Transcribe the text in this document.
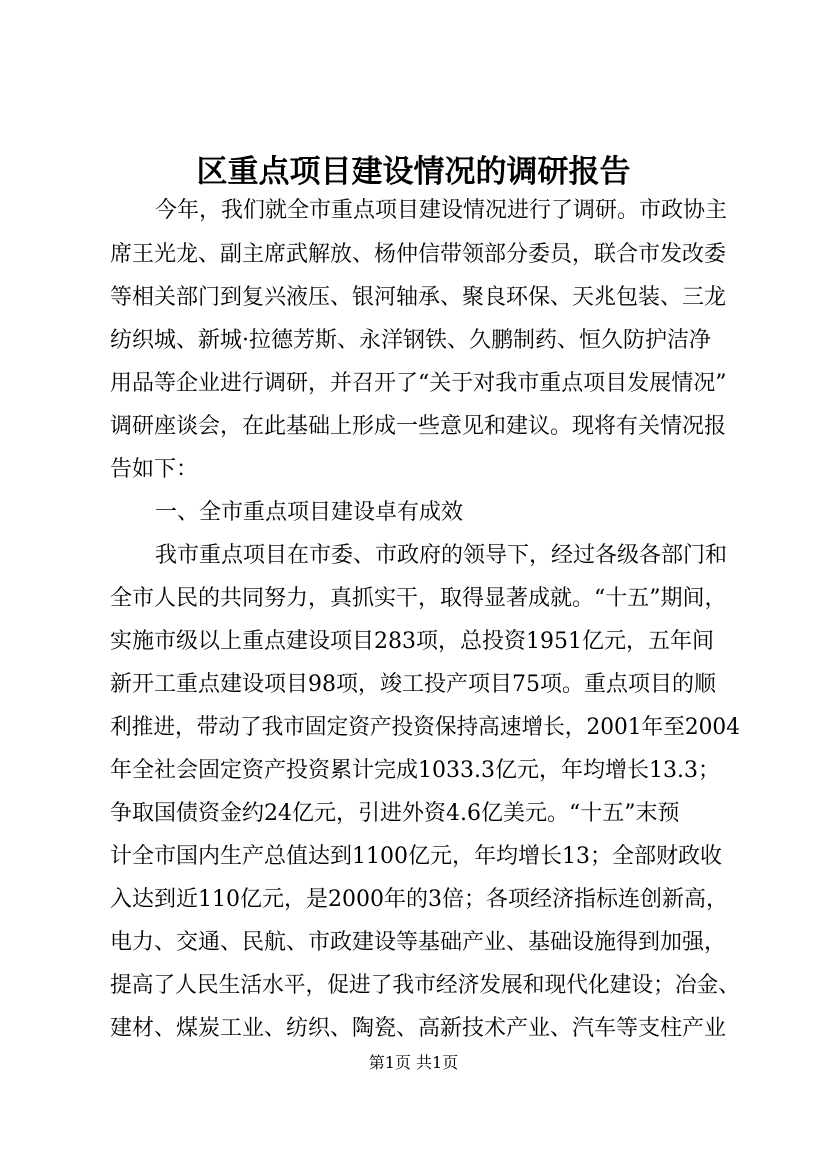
区重点项目建设情况的调研报告

今年，我们就全市重点项目建设情况进行了调研。市政协主

席王光龙、副主席武解放、杨仲信带领部分委员，联合市发改委

等相关部门到复兴液压、银河轴承、聚良环保、天兆包装、三龙

纺织城、新城·拉德芳斯、永洋钢铁、久鹏制药、恒久防护洁净

用品等企业进行调研，并召开了“关于对我市重点项目发展情况”

调研座谈会，在此基础上形成一些意见和建议。现将有关情况报

告如下：

一、全市重点项目建设卓有成效

我市重点项目在市委、市政府的领导下，经过各级各部门和

全市人民的共同努力，真抓实干，取得显著成就。“十五”期间，

实施市级以上重点建设项目283项，总投资1951亿元，五年间

新开工重点建设项目98项，竣工投产项目75项。重点项目的顺

利推进，带动了我市固定资产投资保持高速增长，2001年至2004

年全社会固定资产投资累计完成1033.3亿元，年均增长13.3；

争取国债资金约24亿元，引进外资4.6亿美元。“十五”末预

计全市国内生产总值达到1100亿元，年均增长13；全部财政收

入达到近110亿元，是2000年的3倍；各项经济指标连创新高，

电力、交通、民航、市政建设等基础产业、基础设施得到加强，

提高了人民生活水平，促进了我市经济发展和现代化建设；冶金、

建材、煤炭工业、纺织、陶瓷、高新技术产业、汽车等支柱产业

第1页 共1页
